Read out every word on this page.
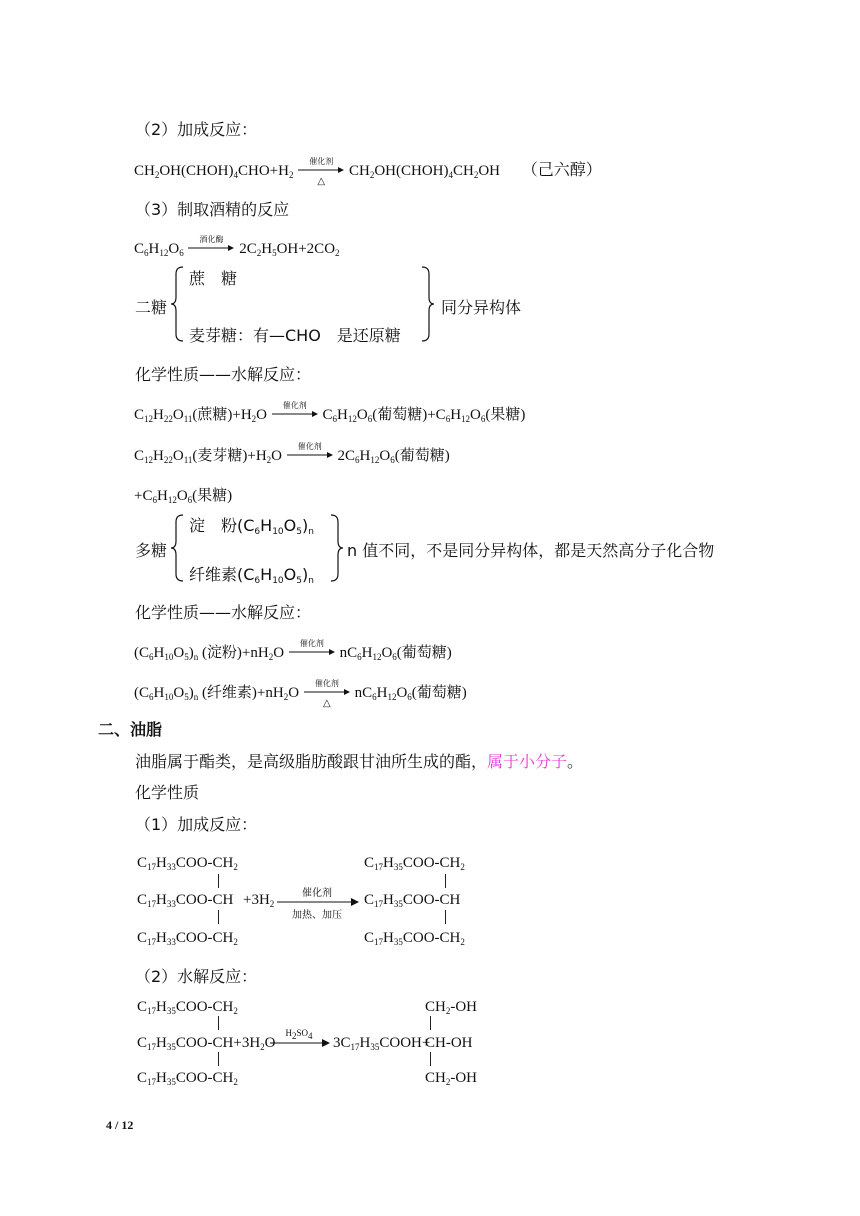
（2）加成反应：
$CH_2OH(CHOH)_4CHO+H_2$
催化剂
△
$CH_2OH(CHOH)_4CH_2OH$ （己六醇）
（3）制取酒精的反应
$C_6H_{12}O_6$
酒化酶
$2C_2H_5OH+2CO_2$
二糖
蔗　糖
麦芽糖：有—CHO　是还原糖
同分异构体
化学性质——水解反应：
$C_{12}H_{22}O_{11}$(蔗糖)$+H_2O$
催化剂
$C_6H_{12}O_6$(葡萄糖)$+C_6H_{12}O_6$(果糖)
$C_{12}H_{22}O_{11}$(麦芽糖)$+H_2O$
催化剂
$2C_6H_{12}O_6$(葡萄糖)
$+C_6H_{12}O_6$(果糖)
多糖
淀　粉$(C_6H_{10}O_5)_n$
纤维素$(C_6H_{10}O_5)_n$
n 值不同，不是同分异构体，都是天然高分子化合物
化学性质——水解反应：
$(C_6H_{10}O_5)_n$ (淀粉)$+nH_2O$
催化剂
$nC_6H_{12}O_6$(葡萄糖)
$(C_6H_{10}O_5)_n$ (纤维素)$+nH_2O$
催化剂
△
$nC_6H_{12}O_6$(葡萄糖)
二、油脂
油脂属于酯类，是高级脂肪酸跟甘油所生成的酯，属于小分子。
化学性质
（1）加成反应：
$C_{17}H_{33}COO-CH_2$
$C_{17}H_{33}COO-CH$
$C_{17}H_{33}COO-CH_2$
$+3H_2$
催化剂
加热、加压
$C_{17}H_{35}COO-CH_2$
$C_{17}H_{35}COO-CH$
$C_{17}H_{35}COO-CH_2$
（2）水解反应：
$C_{17}H_{35}COO-CH_2$
$C_{17}H_{35}COO-CH+3H_2O$
$C_{17}H_{35}COO-CH_2$
$H_2SO_4$ → $3C_{17}H_{35}COOH+$
$CH_2-OH$
CH-OH
$CH_2-OH$
4 / 12
